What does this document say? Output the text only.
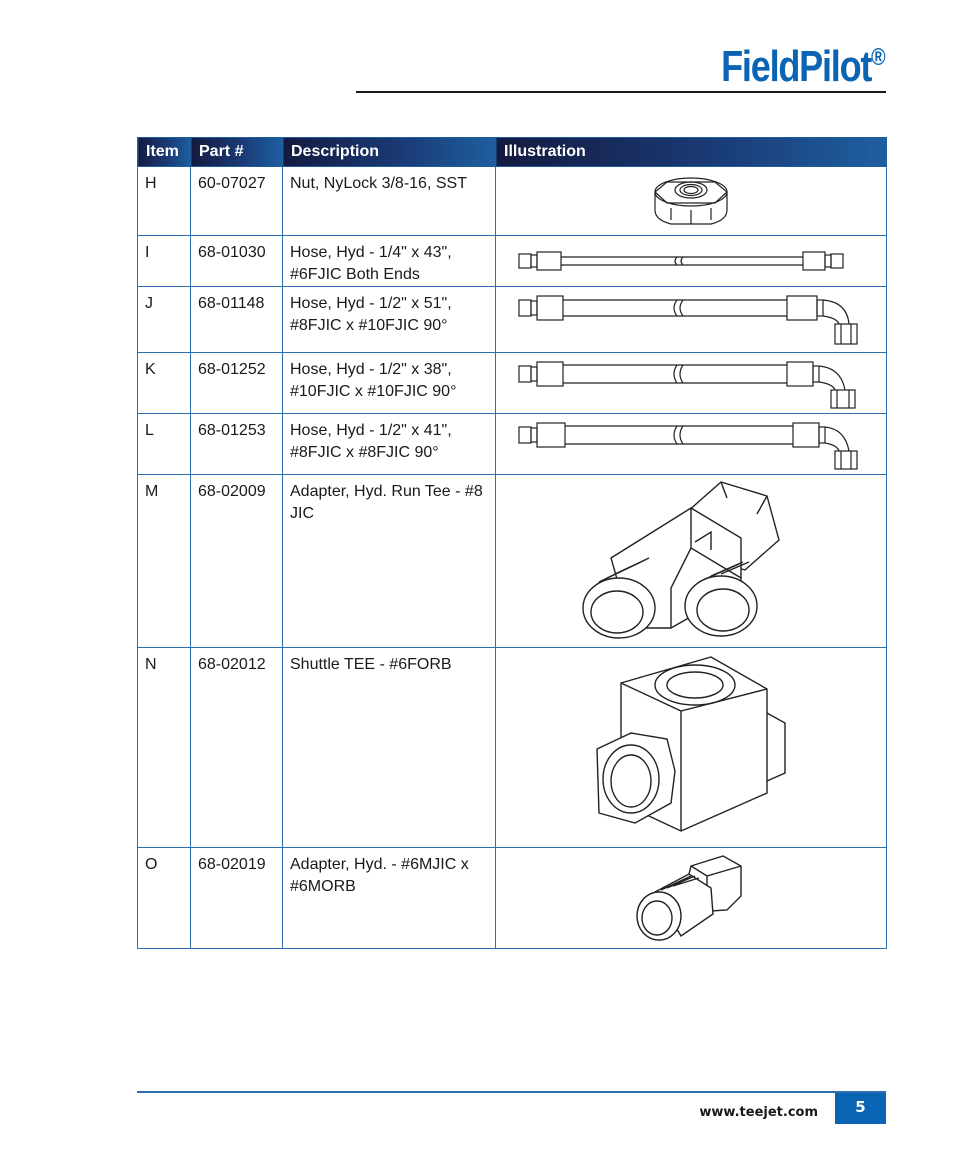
FieldPilot®
Item	Part #	Description	Illustration
H	60-07027	Nut, NyLock 3/8-16, SST

I	68-01030	Hose, Hyd - 1/4" x 43",
#6FJIC Both Ends

J	68-01148	Hose, Hyd - 1/2" x 51",
#8FJIC x #10FJIC 90°

K	68-01252	Hose, Hyd - 1/2" x 38",
#10FJIC x #10FJIC 90°

L	68-01253	Hose, Hyd - 1/2" x 41",
#8FJIC x #8FJIC 90°

M	68-02009	Adapter, Hyd. Run Tee - #8
JIC

N	68-02012	Shuttle TEE - #6FORB

O	68-02019	Adapter, Hyd. - #6MJIC x
#6MORB

www.teejet.com	5
